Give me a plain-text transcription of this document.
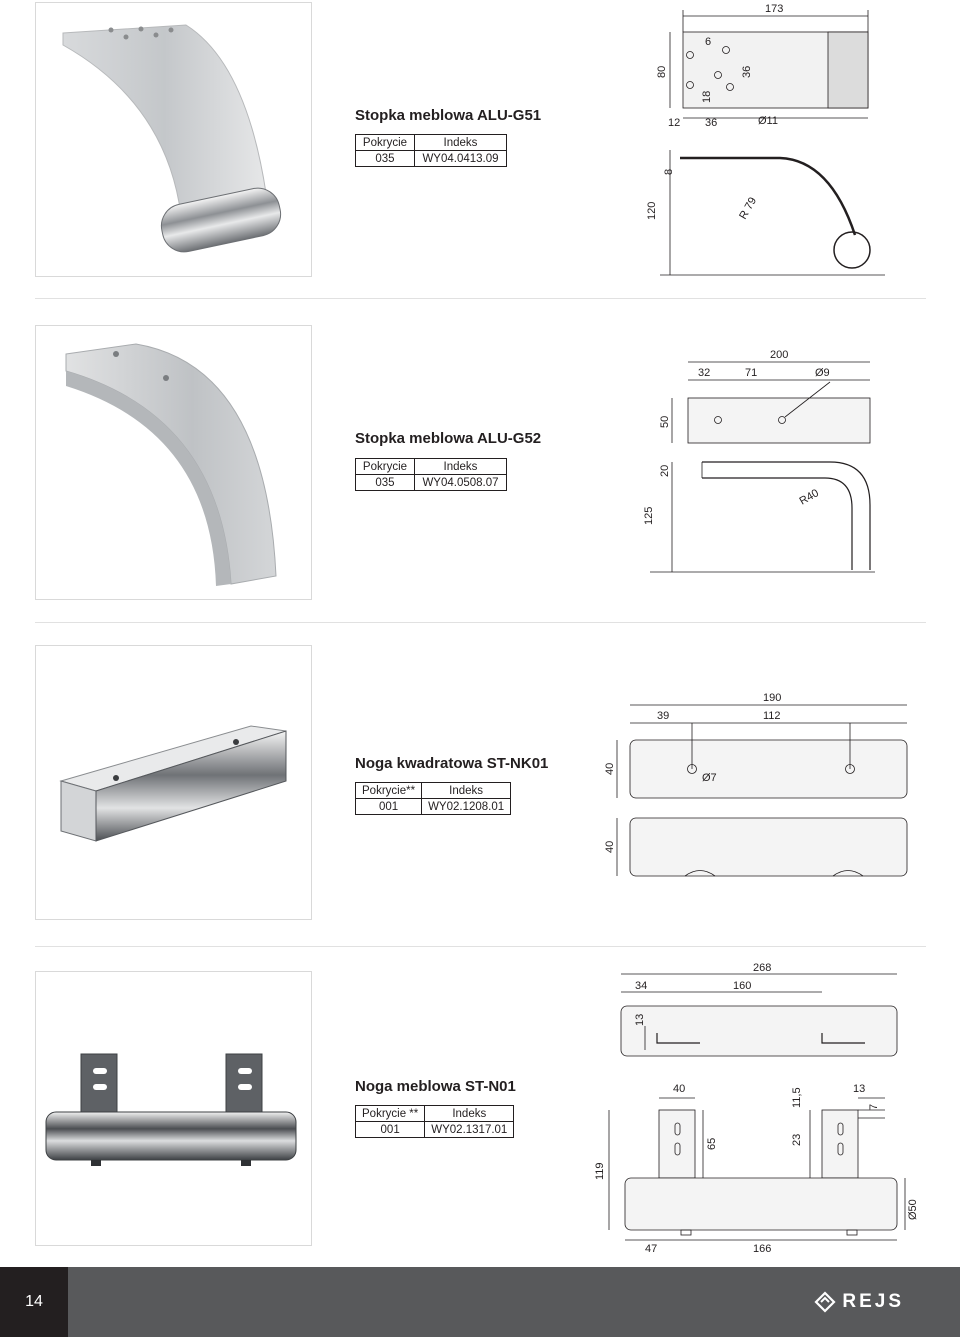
Stopka meblowa ALU-G51
Pokrycie	Indeks
035	WY04.0413.09
173
6
80	36
18
12 36	Ø11
8
120	R 79
Stopka meblowa ALU-G52
Pokrycie	Indeks
035	WY04.0508.07
200
32	71	Ø9
50
20
R40
125
Noga kwadratowa ST-NK01
Pokrycie**	Indeks
001	WY02.1208.01
190
39	112
40
Ø7
40
Noga meblowa ST-N01
Pokrycie **	Indeks
001	WY02.1317.01
268
34	160
13
40	11,5	13
7
65	23
119
Ø50
47	166
14	REJS
